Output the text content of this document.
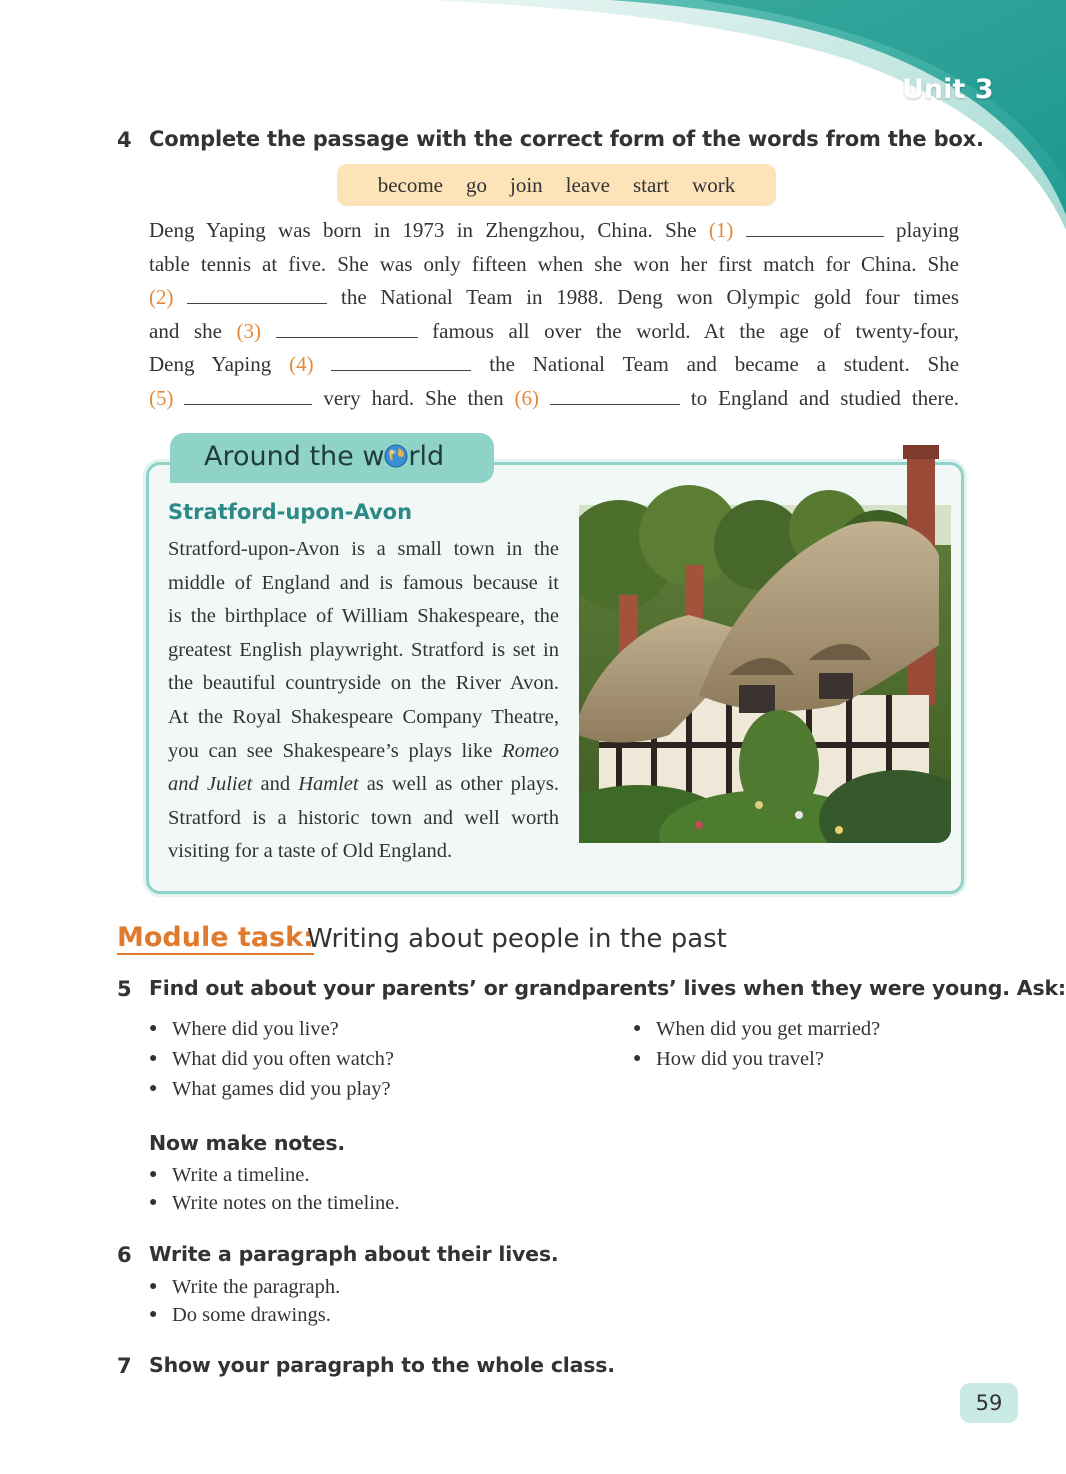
Unit 3
4 Complete the passage with the correct form of the words from the box.
become go join leave start work
Deng Yaping was born in 1973 in Zhengzhou, China. She (1)	playing
table tennis at five. She was only fifteen when she won her first match for China. She
(2)	the National Team in 1988. Deng won Olympic gold four times
and she (3)	famous all over the world. At the age of twenty-four,
Deng Yaping (4)	the National Team and became a student. She
(5)	very hard. She then (6)	to England and studied there.
Around the w rld
Stratford-upon-Avon
Stratford-upon-Avon is a small town in the
middle of England and is famous because it
is the birthplace of William Shakespeare, the
greatest English playwright. Stratford is set in
the beautiful countryside on the River Avon.
At the Royal Shakespeare Company Theatre,
you can see Shakespeare’s plays like Romeo
and Juliet and Hamlet as well as other plays.
Stratford is a historic town and well worth
visiting for a taste of Old England.
Module task:
Writing about people in the past
5 Find out about your parents’ or grandparents’ lives when they were young. Ask:
● Where did you live?
● What did you often watch?
● What games did you play?
● When did you get married?
● How did you travel?
Now make notes.
● Write a timeline.
● Write notes on the timeline.
6 Write a paragraph about their lives.
● Write the paragraph.
● Do some drawings.
7 Show your paragraph to the whole class.
59
